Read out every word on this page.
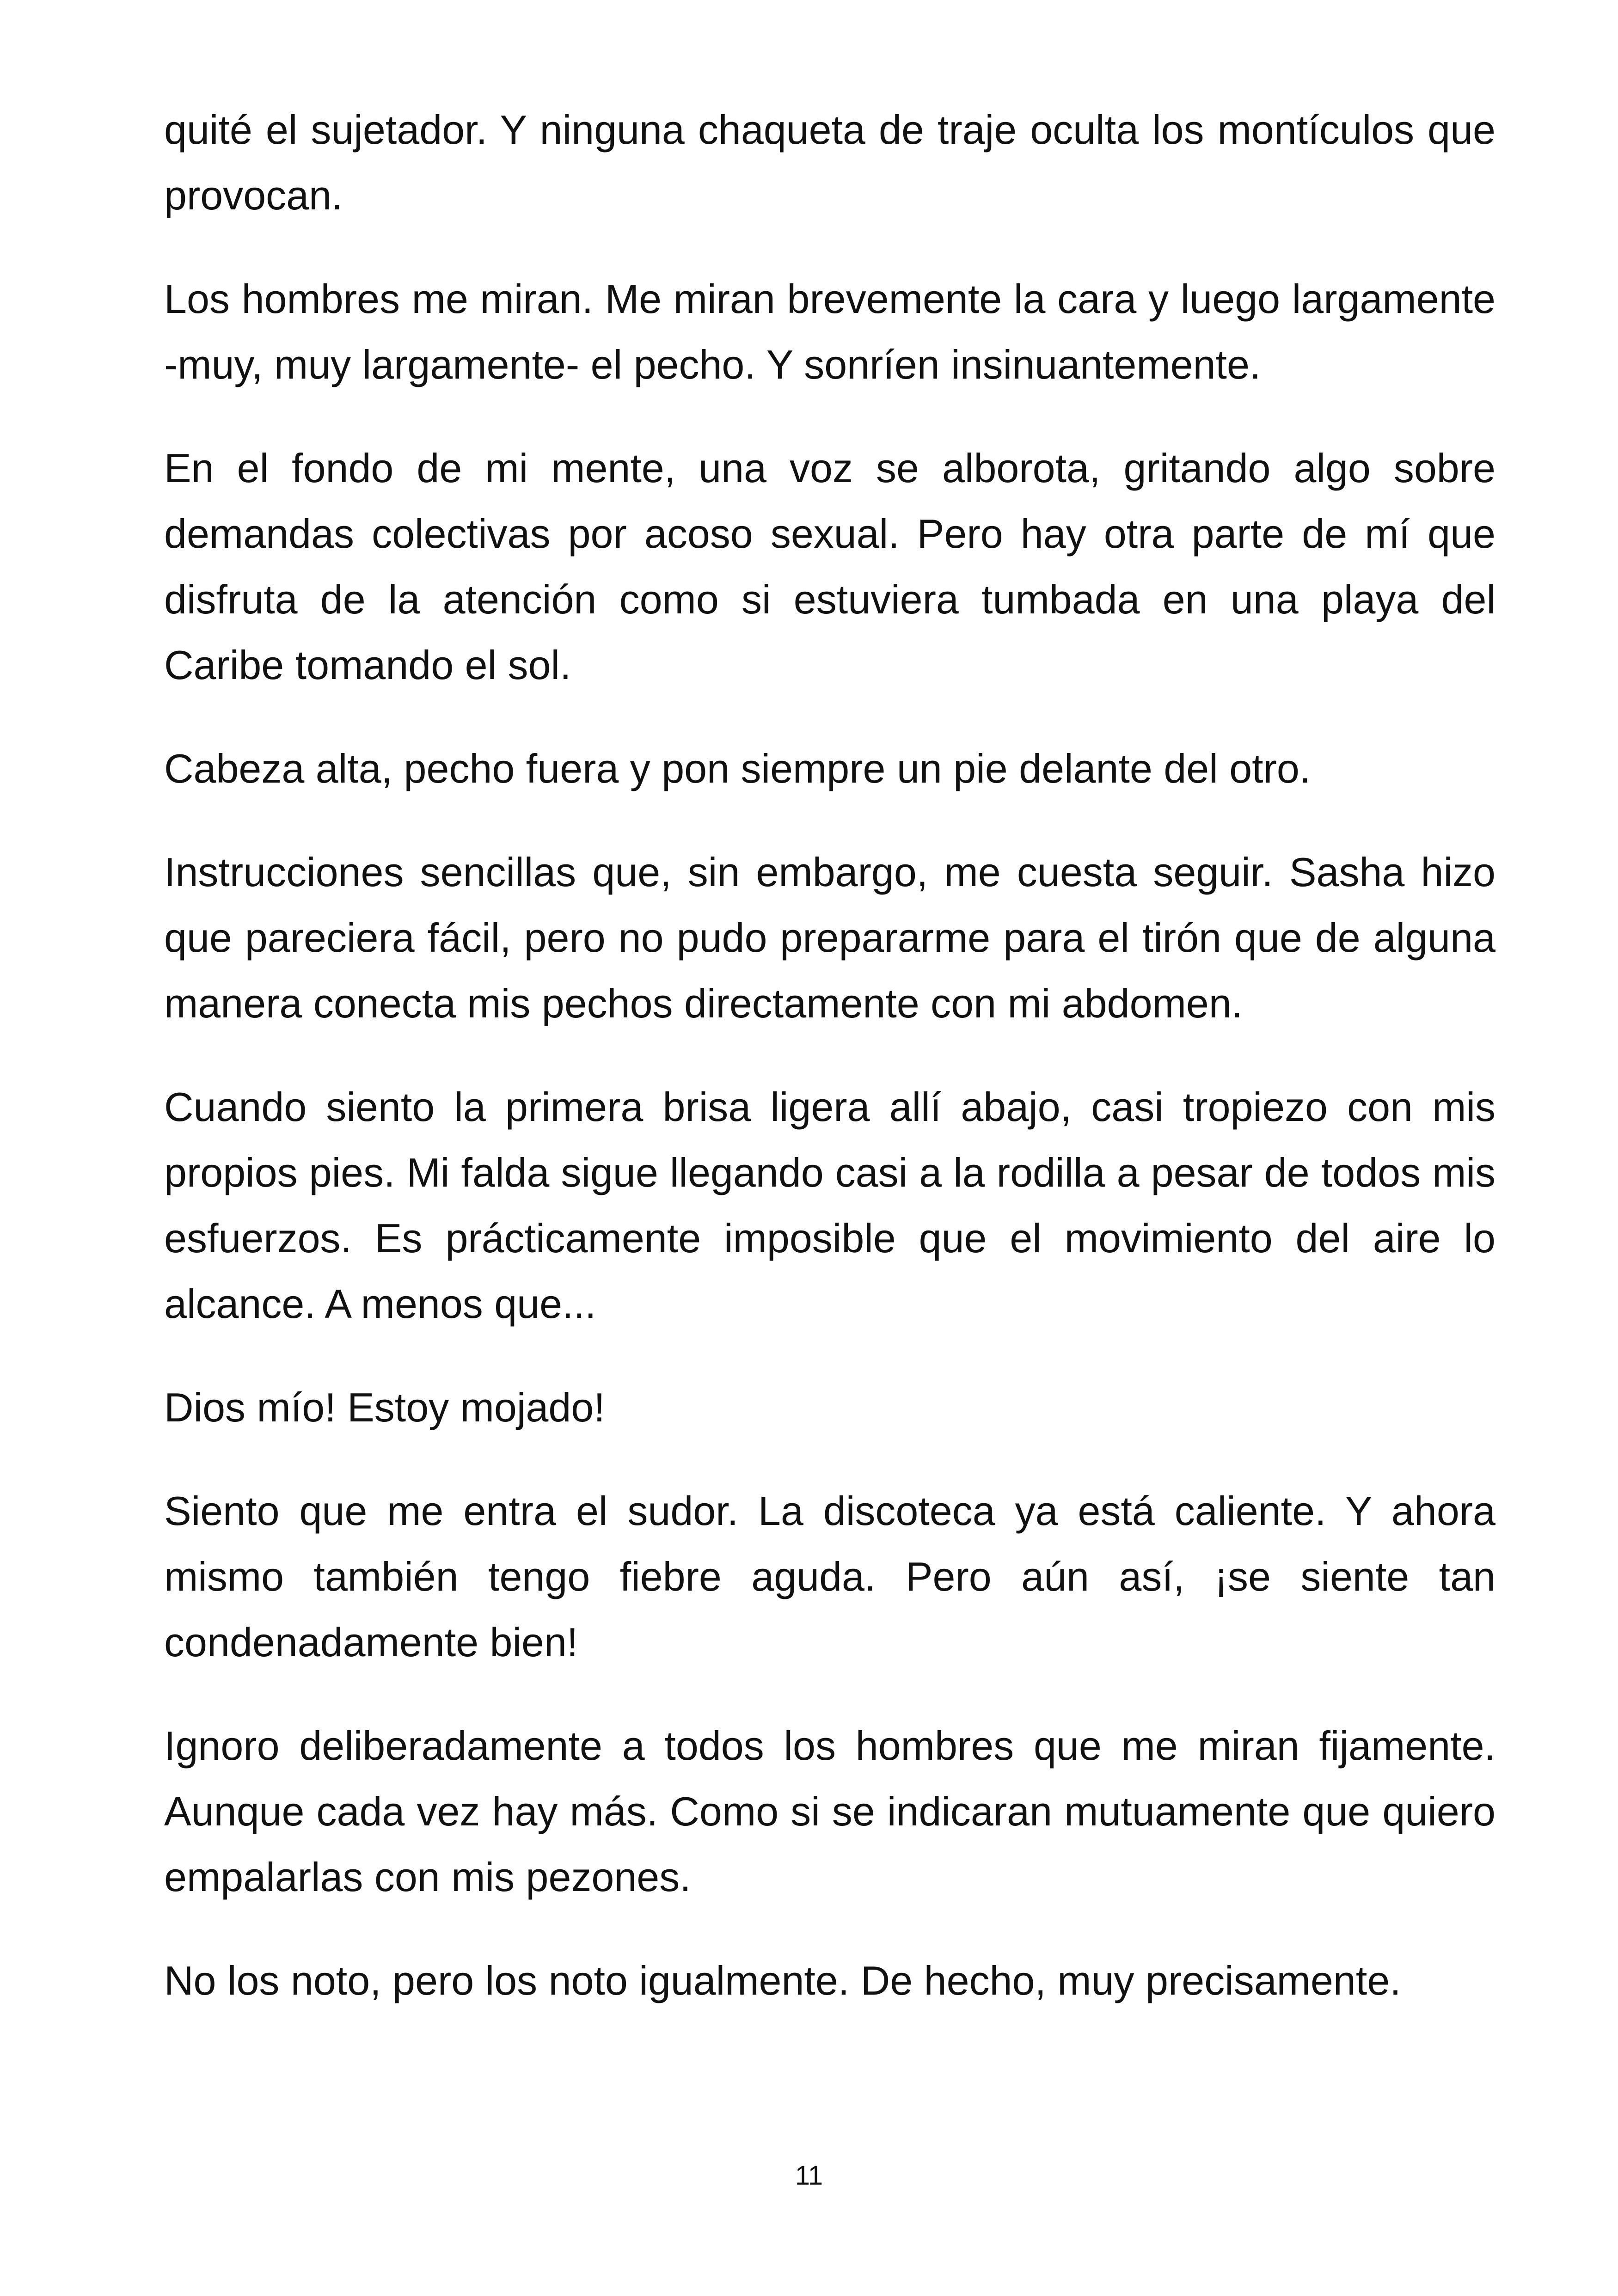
quité el sujetador. Y ninguna chaqueta de traje oculta los montículos que provocan.

Los hombres me miran. Me miran brevemente la cara y luego largamente -muy, muy largamente- el pecho. Y sonríen insinuantemente.

En el fondo de mi mente, una voz se alborota, gritando algo sobre demandas colectivas por acoso sexual. Pero hay otra parte de mí que disfruta de la atención como si estuviera tumbada en una playa del Caribe tomando el sol.

Cabeza alta, pecho fuera y pon siempre un pie delante del otro.

Instrucciones sencillas que, sin embargo, me cuesta seguir. Sasha hizo que pareciera fácil, pero no pudo prepararme para el tirón que de alguna manera conecta mis pechos directamente con mi abdomen.

Cuando siento la primera brisa ligera allí abajo, casi tropiezo con mis propios pies. Mi falda sigue llegando casi a la rodilla a pesar de todos mis esfuerzos. Es prácticamente imposible que el movimiento del aire lo alcance. A menos que...

Dios mío! Estoy mojado!

Siento que me entra el sudor. La discoteca ya está caliente. Y ahora mismo también tengo fiebre aguda. Pero aún así, ¡se siente tan condenadamente bien!

Ignoro deliberadamente a todos los hombres que me miran fijamente. Aunque cada vez hay más. Como si se indicaran mutuamente que quiero empalarlas con mis pezones.

No los noto, pero los noto igualmente. De hecho, muy precisamente.

11
